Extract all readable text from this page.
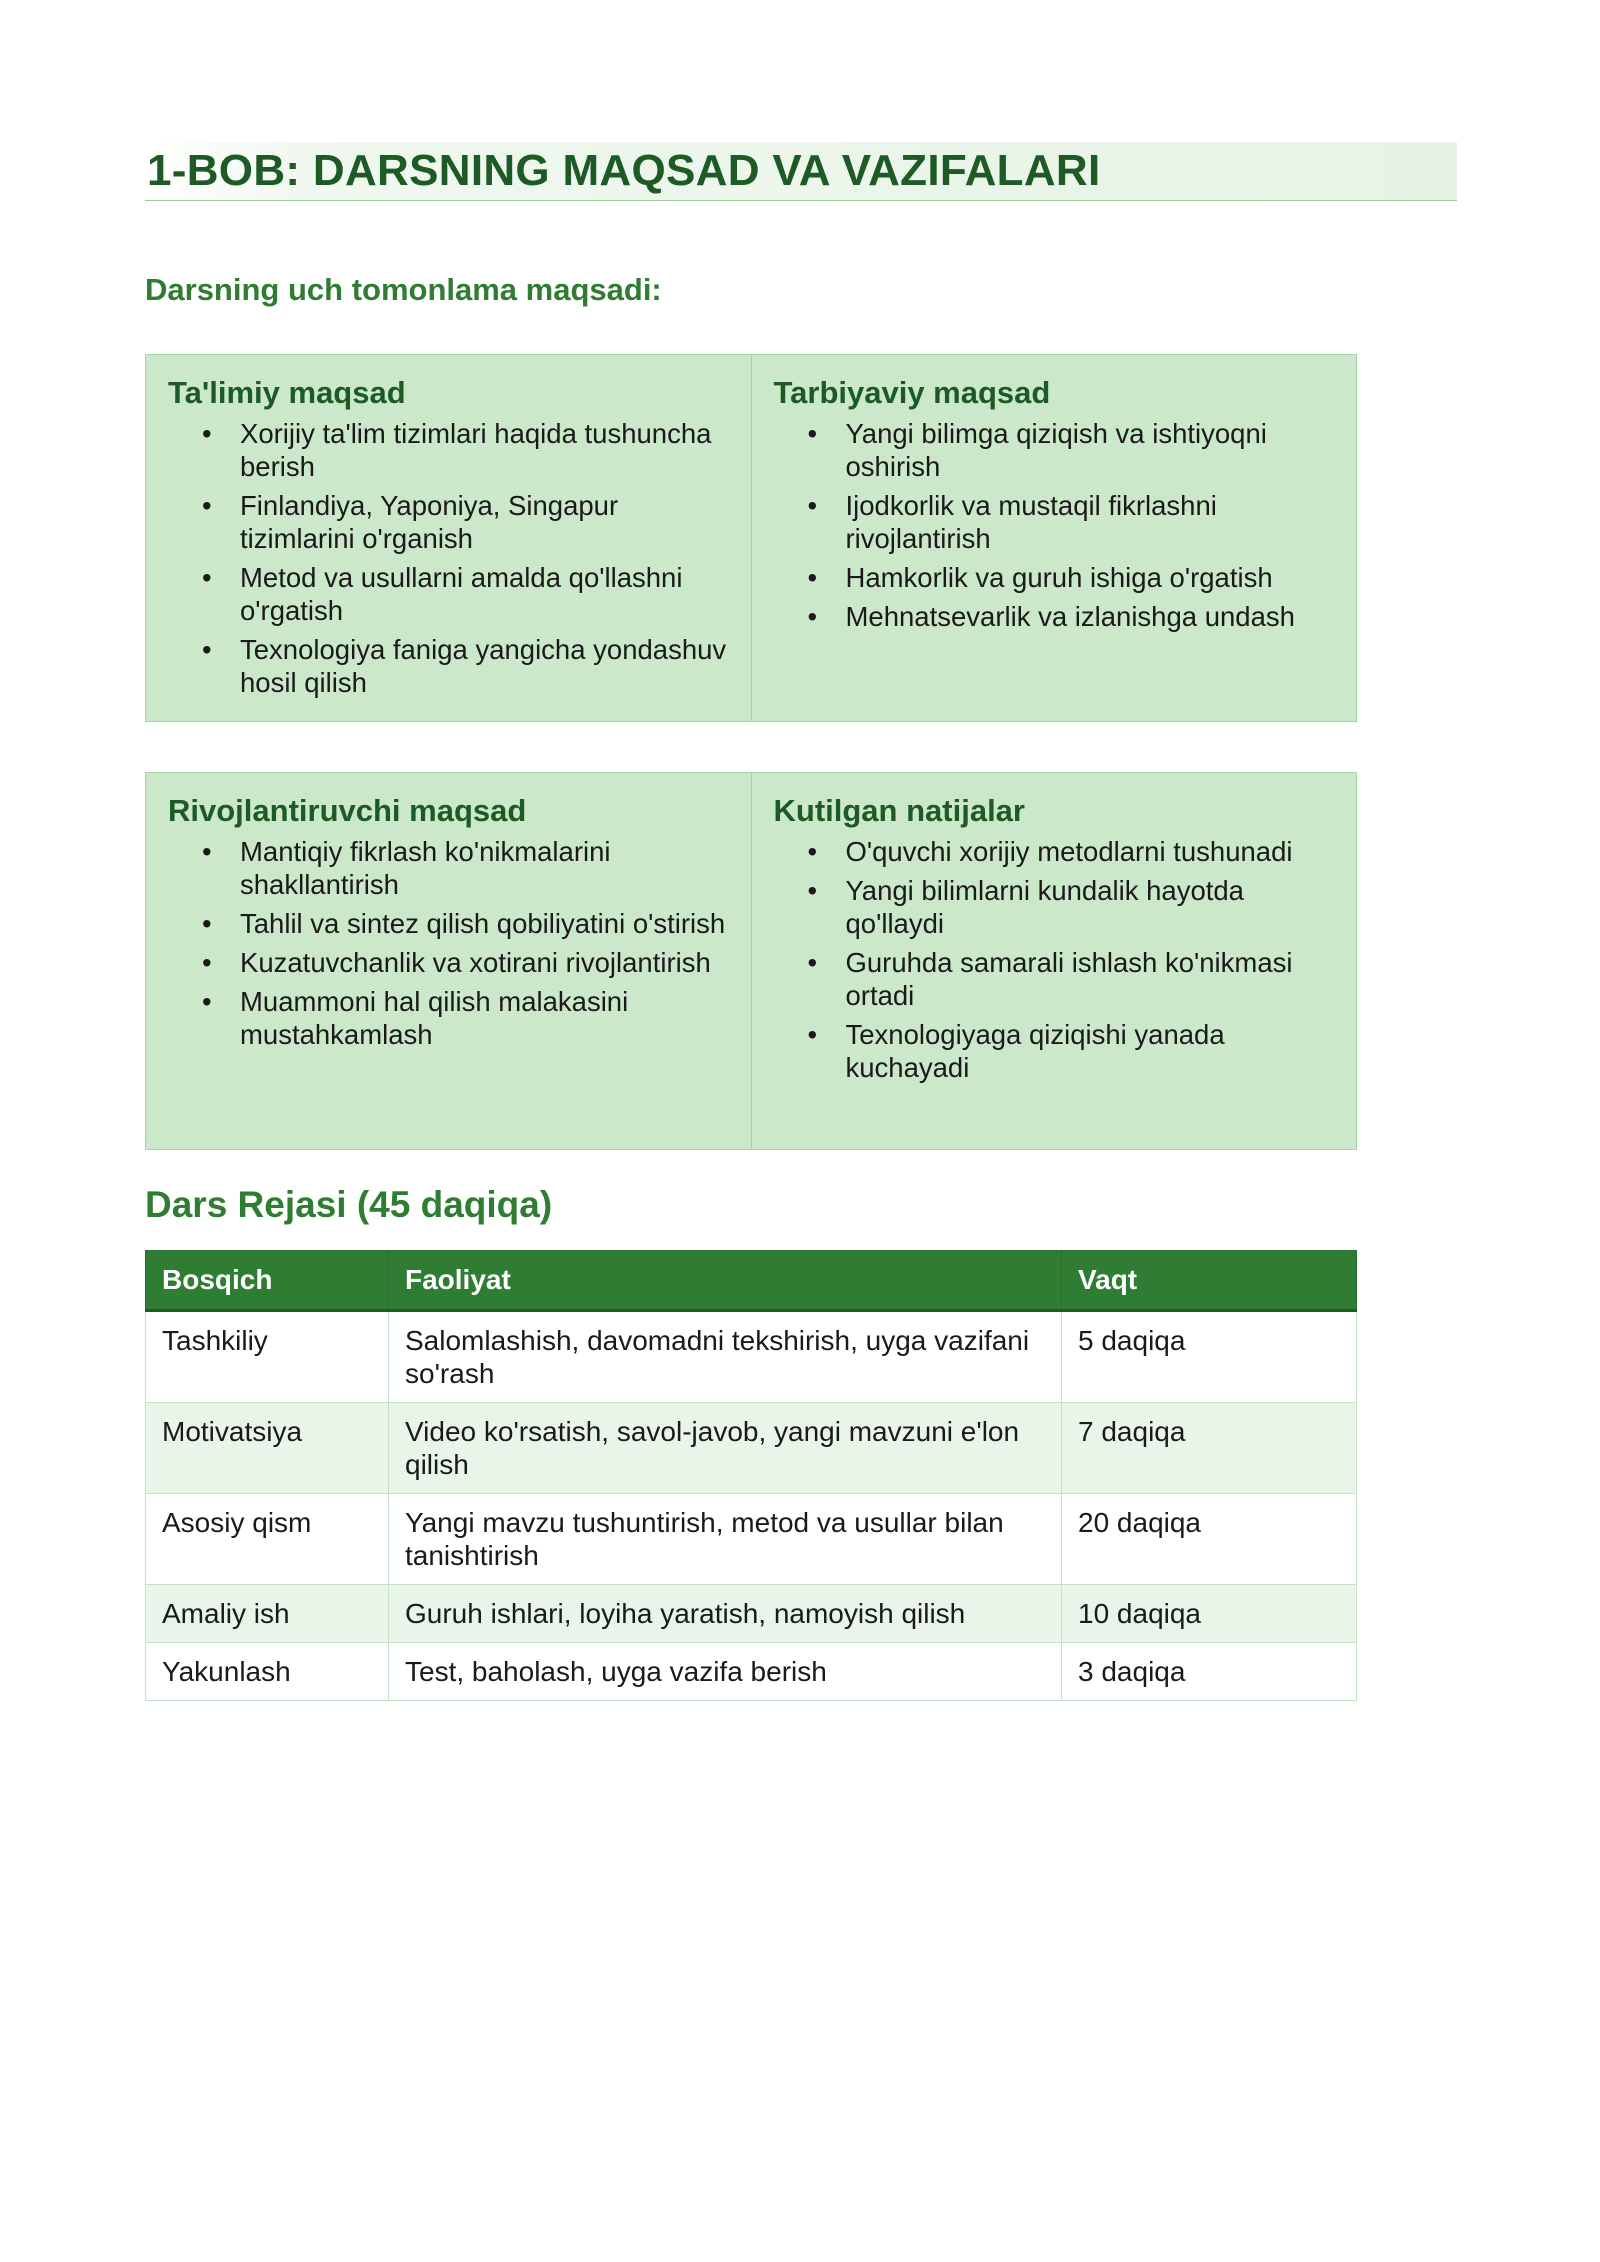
1-BOB: DARSNING MAQSAD VA VAZIFALARI
Darsning uch tomonlama maqsadi:
Ta'limiy maqsad
• Xorijiy ta'lim tizimlari haqida tushuncha berish
• Finlandiya, Yaponiya, Singapur tizimlarini o'rganish
• Metod va usullarni amalda qo'llashni o'rgatish
• Texnologiya faniga yangicha yondashuv hosil qilish
Tarbiyaviy maqsad
• Yangi bilimga qiziqish va ishtiyoqni oshirish
• Ijodkorlik va mustaqil fikrlashni rivojlantirish
• Hamkorlik va guruh ishiga o'rgatish
• Mehnatsevarlik va izlanishga undash
Rivojlantiruvchi maqsad
• Mantiqiy fikrlash ko'nikmalarini shakllantirish
• Tahlil va sintez qilish qobiliyatini o'stirish
• Kuzatuvchanlik va xotirani rivojlantirish
• Muammoni hal qilish malakasini mustahkamlash
Kutilgan natijalar
• O'quvchi xorijiy metodlarni tushunadi
• Yangi bilimlarni kundalik hayotda qo'llaydi
• Guruhda samarali ishlash ko'nikmasi ortadi
• Texnologiyaga qiziqishi yanada kuchayadi
Dars Rejasi (45 daqiqa)
Bosqich	Faoliyat	Vaqt
Tashkiliy	Salomlashish, davomadni tekshirish, uyga vazifani so'rash	5 daqiqa
Motivatsiya	Video ko'rsatish, savol-javob, yangi mavzuni e'lon qilish	7 daqiqa
Asosiy qism	Yangi mavzu tushuntirish, metod va usullar bilan tanishtirish	20 daqiqa
Amaliy ish	Guruh ishlari, loyiha yaratish, namoyish qilish	10 daqiqa
Yakunlash	Test, baholash, uyga vazifa berish	3 daqiqa
